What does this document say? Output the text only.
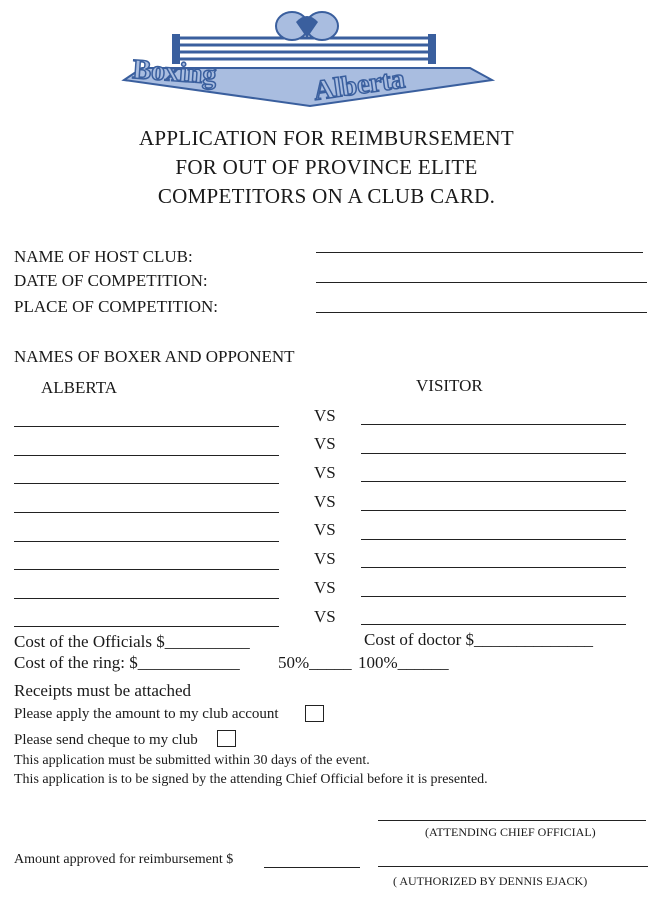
Boxing	Alberta
APPLICATION FOR REIMBURSEMENT
FOR OUT OF PROVINCE ELITE
COMPETITORS ON A CLUB CARD.
NAME OF HOST CLUB:
DATE OF COMPETITION:
PLACE OF COMPETITION:
NAMES OF BOXER AND OPPONENT
ALBERTA	VISITOR
VS
VS
VS
VS
VS
VS
VS
VS
Cost of the Officials $__________	Cost of doctor $______________
Cost of the ring: $____________ 50%_____ 100%______
Receipts must be attached
Please apply the amount to my club account
Please send cheque to my club
This application must be submitted within 30 days of the event.
This application is to be signed by the attending Chief Official before it is presented.
(ATTENDING CHIEF OFFICIAL)
Amount approved for reimbursement $
( AUTHORIZED BY DENNIS EJACK)
